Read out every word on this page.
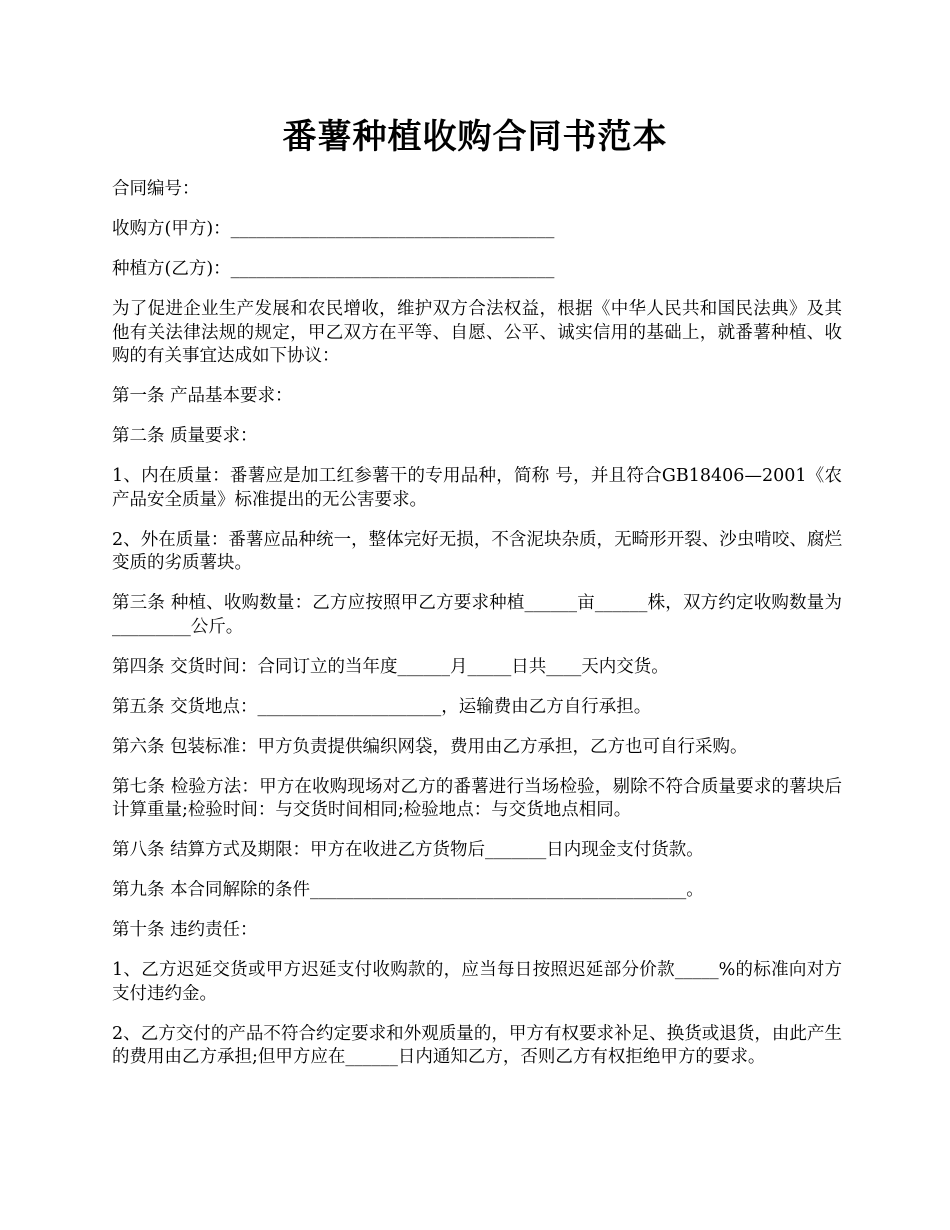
番薯种植收购合同书范本

合同编号：

收购方(甲方)：_____________________________________

种植方(乙方)：_____________________________________

为了促进企业生产发展和农民增收，维护双方合法权益，根据《中华人民共和国民法典》及其他有关法律法规的规定，甲乙双方在平等、自愿、公平、诚实信用的基础上，就番薯种植、收购的有关事宜达成如下协议：

第一条 产品基本要求：

第二条 质量要求：

1、内在质量：番薯应是加工红参薯干的专用品种，简称 号，并且符合GB18406—2001《农产品安全质量》标准提出的无公害要求。

2、外在质量：番薯应品种统一，整体完好无损，不含泥块杂质，无畸形开裂、沙虫啃咬、腐烂变质的劣质薯块。

第三条 种植、收购数量：乙方应按照甲乙方要求种植______亩______株，双方约定收购数量为_________公斤。

第四条 交货时间：合同订立的当年度______月_____日共____天内交货。

第五条 交货地点：_____________________，运输费由乙方自行承担。

第六条 包装标准：甲方负责提供编织网袋，费用由乙方承担，乙方也可自行采购。

第七条 检验方法：甲方在收购现场对乙方的番薯进行当场检验，剔除不符合质量要求的薯块后计算重量;检验时间：与交货时间相同;检验地点：与交货地点相同。

第八条 结算方式及期限：甲方在收进乙方货物后_______日内现金支付货款。

第九条 本合同解除的条件___________________________________________。

第十条 违约责任：

1、乙方迟延交货或甲方迟延支付收购款的，应当每日按照迟延部分价款_____%的标准向对方支付违约金。

2、乙方交付的产品不符合约定要求和外观质量的，甲方有权要求补足、换货或退货，由此产生的费用由乙方承担;但甲方应在______日内通知乙方，否则乙方有权拒绝甲方的要求。
